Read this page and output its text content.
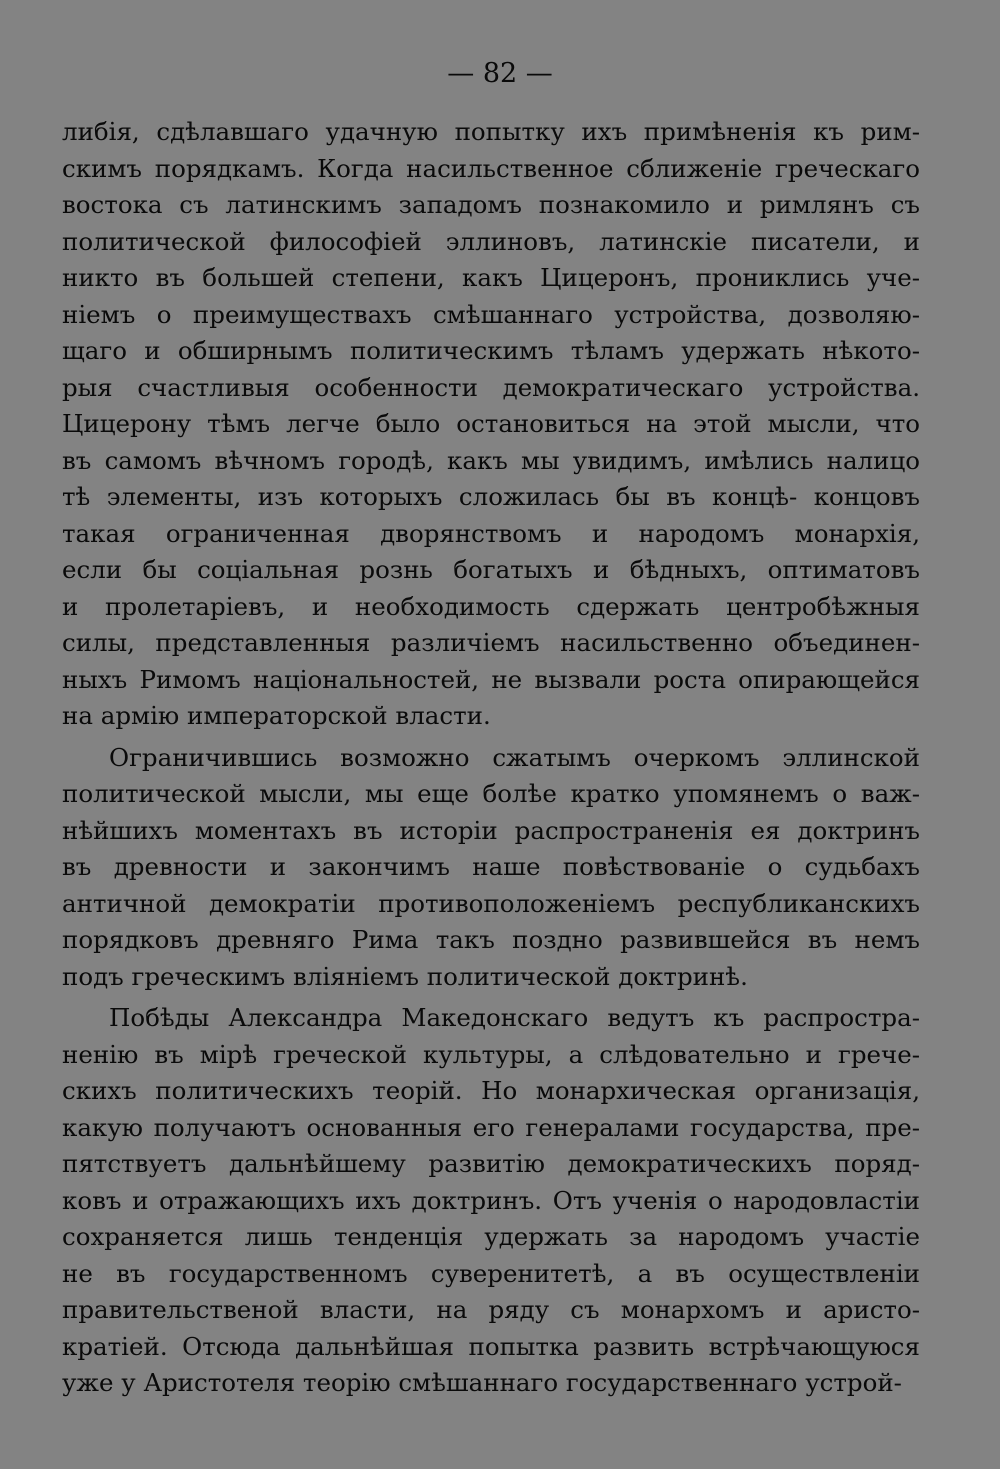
— 82 —
либія, сдѣлавшаго удачную попытку ихъ примѣненія къ рим-
скимъ порядкамъ. Когда насильственное сближеніе греческаго
востока съ латинскимъ западомъ познакомило и римлянъ съ
политической философіей эллиновъ, латинскіе писатели, и
никто въ большей степени, какъ Цицеронъ, прониклись уче-
ніемъ о преимуществахъ смѣшаннаго устройства, дозволяю-
щаго и обширнымъ политическимъ тѣламъ удержать нѣкото-
рыя счастливыя особенности демократическаго устройства.
Цицерону тѣмъ легче было остановиться на этой мысли, что
въ самомъ вѣчномъ городѣ, какъ мы увидимъ, имѣлись налицо
тѣ элементы, изъ которыхъ сложилась бы въ концѣ- концовъ
такая ограниченная дворянствомъ и народомъ монархія,
если бы соціальная рознь богатыхъ и бѣдныхъ, оптиматовъ
и пролетаріевъ, и необходимость сдержать центробѣжныя
силы, представленныя различіемъ насильственно объединен-
ныхъ Римомъ національностей, не вызвали роста опирающейся
на армію императорской власти.
Ограничившись возможно сжатымъ очеркомъ эллинской
политической мысли, мы еще болѣе кратко упомянемъ о важ-
нѣйшихъ моментахъ въ исторіи распространенія ея доктринъ
въ древности и закончимъ наше повѣствованіе о судьбахъ
античной демократіи противоположеніемъ республиканскихъ
порядковъ древняго Рима такъ поздно развившейся въ немъ
подъ греческимъ вліяніемъ политической доктринѣ.
Побѣды Александра Македонскаго ведутъ къ распростра-
ненію въ мірѣ греческой культуры, а слѣдовательно и грече-
скихъ политическихъ теорій. Но монархическая организація,
какую получаютъ основанныя его генералами государства, пре-
пятствуетъ дальнѣйшему развитію демократическихъ поряд-
ковъ и отражающихъ ихъ доктринъ. Отъ ученія о народовластіи
сохраняется лишь тенденція удержать за народомъ участіе
не въ государственномъ суверенитетѣ, а въ осуществленіи
правительственой власти, на ряду съ монархомъ и аристо-
кратіей. Отсюда дальнѣйшая попытка развить встрѣчающуюся
уже у Аристотеля теорію смѣшаннаго государственнаго устрой-
